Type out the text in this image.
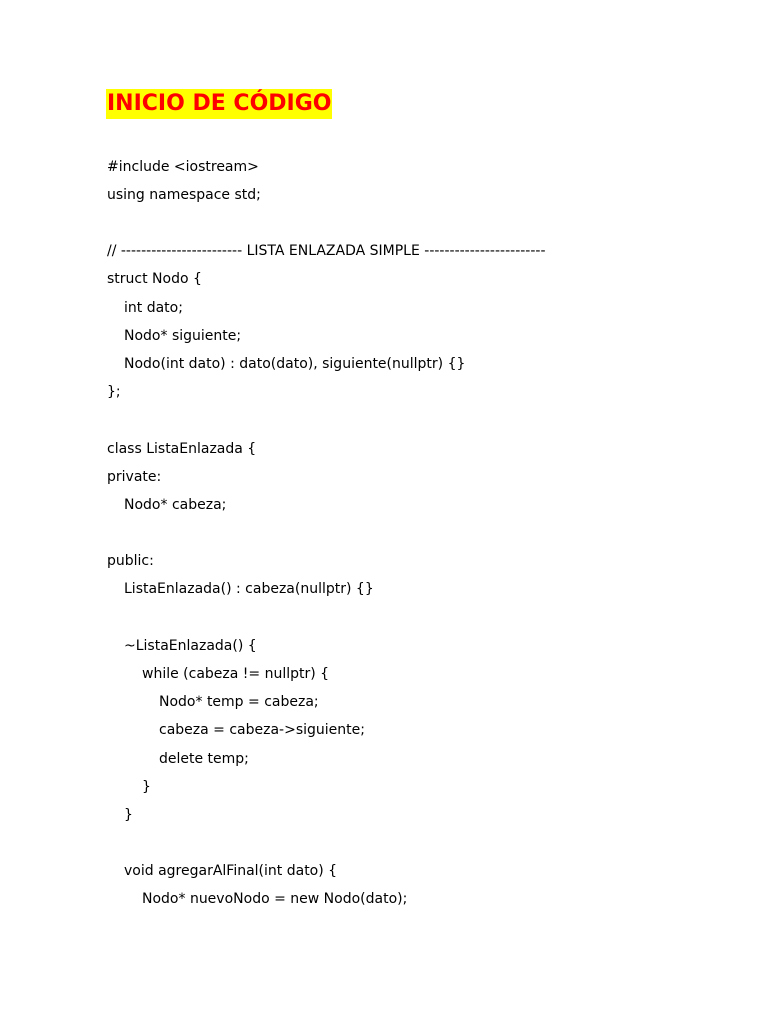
INICIO DE CÓDIGO
#include <iostream>
using namespace std;
// ------------------------ LISTA ENLAZADA SIMPLE ------------------------
struct Nodo {
int dato;
Nodo* siguiente;
Nodo(int dato) : dato(dato), siguiente(nullptr) {}
};
class ListaEnlazada {
private:
Nodo* cabeza;
public:
ListaEnlazada() : cabeza(nullptr) {}
~ListaEnlazada() {
while (cabeza != nullptr) {
Nodo* temp = cabeza;
cabeza = cabeza->siguiente;
delete temp;
}
}
void agregarAlFinal(int dato) {
Nodo* nuevoNodo = new Nodo(dato);
